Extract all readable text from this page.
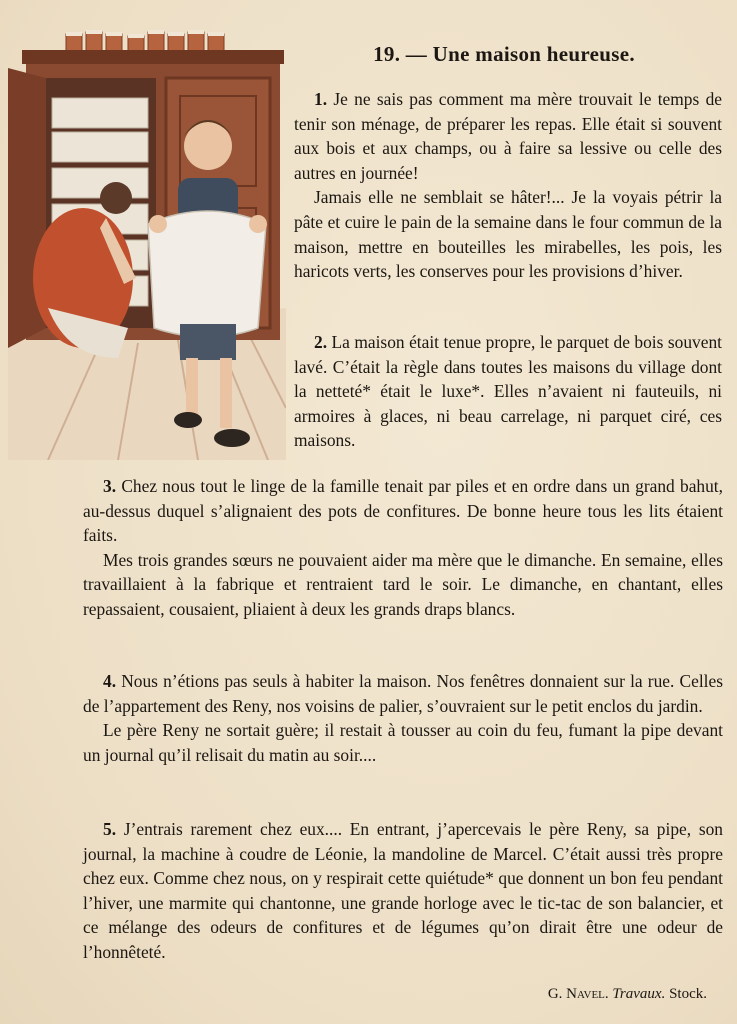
19. — Une maison heureuse.

1. Je ne sais pas comment ma mère trouvait le temps de tenir son ménage, de préparer les repas. Elle était si souvent aux bois et aux champs, ou à faire sa lessive ou celle des autres en journée!

Jamais elle ne semblait se hâter!... Je la voyais pétrir la pâte et cuire le pain de la semaine dans le four commun de la maison, mettre en bouteilles les mirabelles, les pois, les haricots verts, les conserves pour les provisions d’hiver.

2. La maison était tenue propre, le parquet de bois souvent lavé. C’était la règle dans toutes les maisons du village dont la netteté* était le luxe*. Elles n’avaient ni fauteuils, ni armoires à glaces, ni beau carrelage, ni parquet ciré, ces maisons.

3. Chez nous tout le linge de la famille tenait par piles et en ordre dans un grand bahut, au-dessus duquel s’alignaient des pots de confitures. De bonne heure tous les lits étaient faits.

Mes trois grandes sœurs ne pouvaient aider ma mère que le dimanche. En semaine, elles travaillaient à la fabrique et rentraient tard le soir. Le dimanche, en chantant, elles repassaient, cousaient, pliaient à deux les grands draps blancs.

4. Nous n’étions pas seuls à habiter la maison. Nos fenêtres donnaient sur la rue. Celles de l’appartement des Reny, nos voisins de palier, s’ouvraient sur le petit enclos du jardin.

Le père Reny ne sortait guère; il restait à tousser au coin du feu, fumant la pipe devant un journal qu’il relisait du matin au soir....

5. J’entrais rarement chez eux.... En entrant, j’apercevais le père Reny, sa pipe, son journal, la machine à coudre de Léonie, la mandoline de Marcel. C’était aussi très propre chez eux. Comme chez nous, on y respirait cette quiétude* que donnent un bon feu pendant l’hiver, une marmite qui chantonne, une grande horloge avec le tic-tac de son balancier, et ce mélange des odeurs de confitures et de légumes qu’on dirait être une odeur de l’honnêteté.

G. Navel. Travaux. Stock.
